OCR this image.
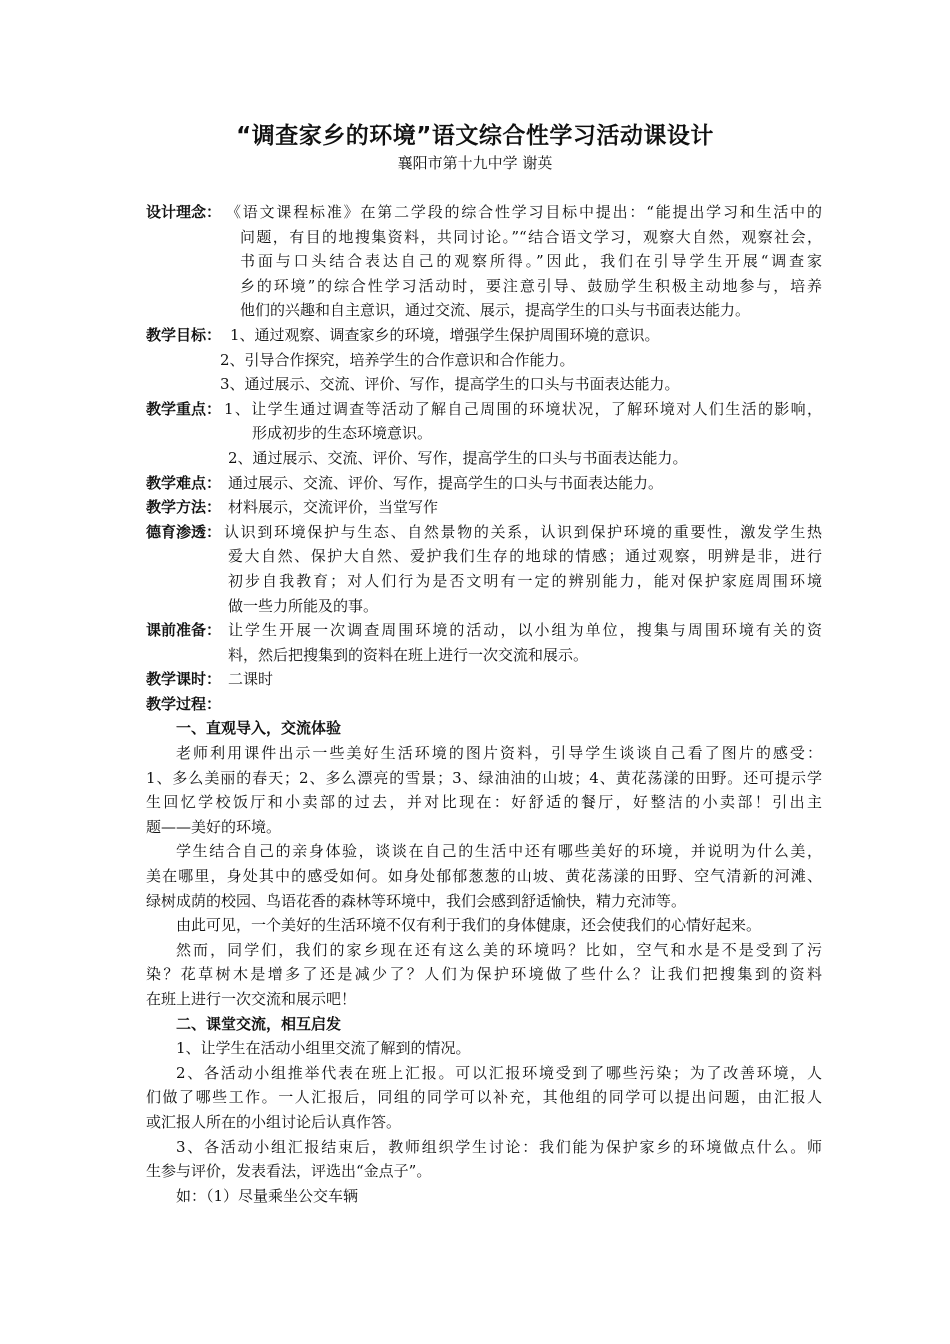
“调查家乡的环境”语文综合性学习活动课设计
襄阳市第十九中学 谢英
设计理念： 《语文课程标准》在第二学段的综合性学习目标中提出：“能提出学习和生活中的
问题，有目的地搜集资料，共同讨论。”“结合语文学习，观察大自然，观察社会，
书面与口头结合表达自己的观察所得。”因此，我们在引导学生开展“调查家
乡的环境”的综合性学习活动时，要注意引导、鼓励学生积极主动地参与，培养
他们的兴趣和自主意识，通过交流、展示，提高学生的口头与书面表达能力。
教学目标： 1、通过观察、调查家乡的环境，增强学生保护周围环境的意识。
2、引导合作探究，培养学生的合作意识和合作能力。
3、通过展示、交流、评价、写作，提高学生的口头与书面表达能力。
教学重点： 1、让学生通过调查等活动了解自己周围的环境状况，了解环境对人们生活的影响，
形成初步的生态环境意识。
2、通过展示、交流、评价、写作，提高学生的口头与书面表达能力。
教学难点： 通过展示、交流、评价、写作，提高学生的口头与书面表达能力。
教学方法： 材料展示，交流评价，当堂写作
德育渗透： 认识到环境保护与生态、自然景物的关系，认识到保护环境的重要性，激发学生热
爱大自然、保护大自然、爱护我们生存的地球的情感；通过观察，明辨是非，进行
初步自我教育；对人们行为是否文明有一定的辨别能力，能对保护家庭周围环境
做一些力所能及的事。
课前准备： 让学生开展一次调查周围环境的活动，以小组为单位，搜集与周围环境有关的资
料，然后把搜集到的资料在班上进行一次交流和展示。
教学课时： 二课时
教学过程：
一、直观导入，交流体验
老师利用课件出示一些美好生活环境的图片资料，引导学生谈谈自己看了图片的感受：
1、多么美丽的春天；2、多么漂亮的雪景；3、绿油油的山坡；4、黄花荡漾的田野。还可提示学
生回忆学校饭厅和小卖部的过去，并对比现在：好舒适的餐厅，好整洁的小卖部！引出主
题——美好的环境。
学生结合自己的亲身体验，谈谈在自己的生活中还有哪些美好的环境，并说明为什么美，
美在哪里，身处其中的感受如何。如身处郁郁葱葱的山坡、黄花荡漾的田野、空气清新的河滩、
绿树成荫的校园、鸟语花香的森林等环境中，我们会感到舒适愉快，精力充沛等。
由此可见，一个美好的生活环境不仅有利于我们的身体健康，还会使我们的心情好起来。
然而，同学们，我们的家乡现在还有这么美的环境吗？比如，空气和水是不是受到了污
染？花草树木是增多了还是减少了？人们为保护环境做了些什么？让我们把搜集到的资料
在班上进行一次交流和展示吧！
二、课堂交流，相互启发
1、让学生在活动小组里交流了解到的情况。
2、各活动小组推举代表在班上汇报。可以汇报环境受到了哪些污染；为了改善环境，人
们做了哪些工作。一人汇报后，同组的同学可以补充，其他组的同学可以提出问题，由汇报人
或汇报人所在的小组讨论后认真作答。
3、各活动小组汇报结束后，教师组织学生讨论：我们能为保护家乡的环境做点什么。师
生参与评价，发表看法，评选出“金点子”。
如：（1）尽量乘坐公交车辆
